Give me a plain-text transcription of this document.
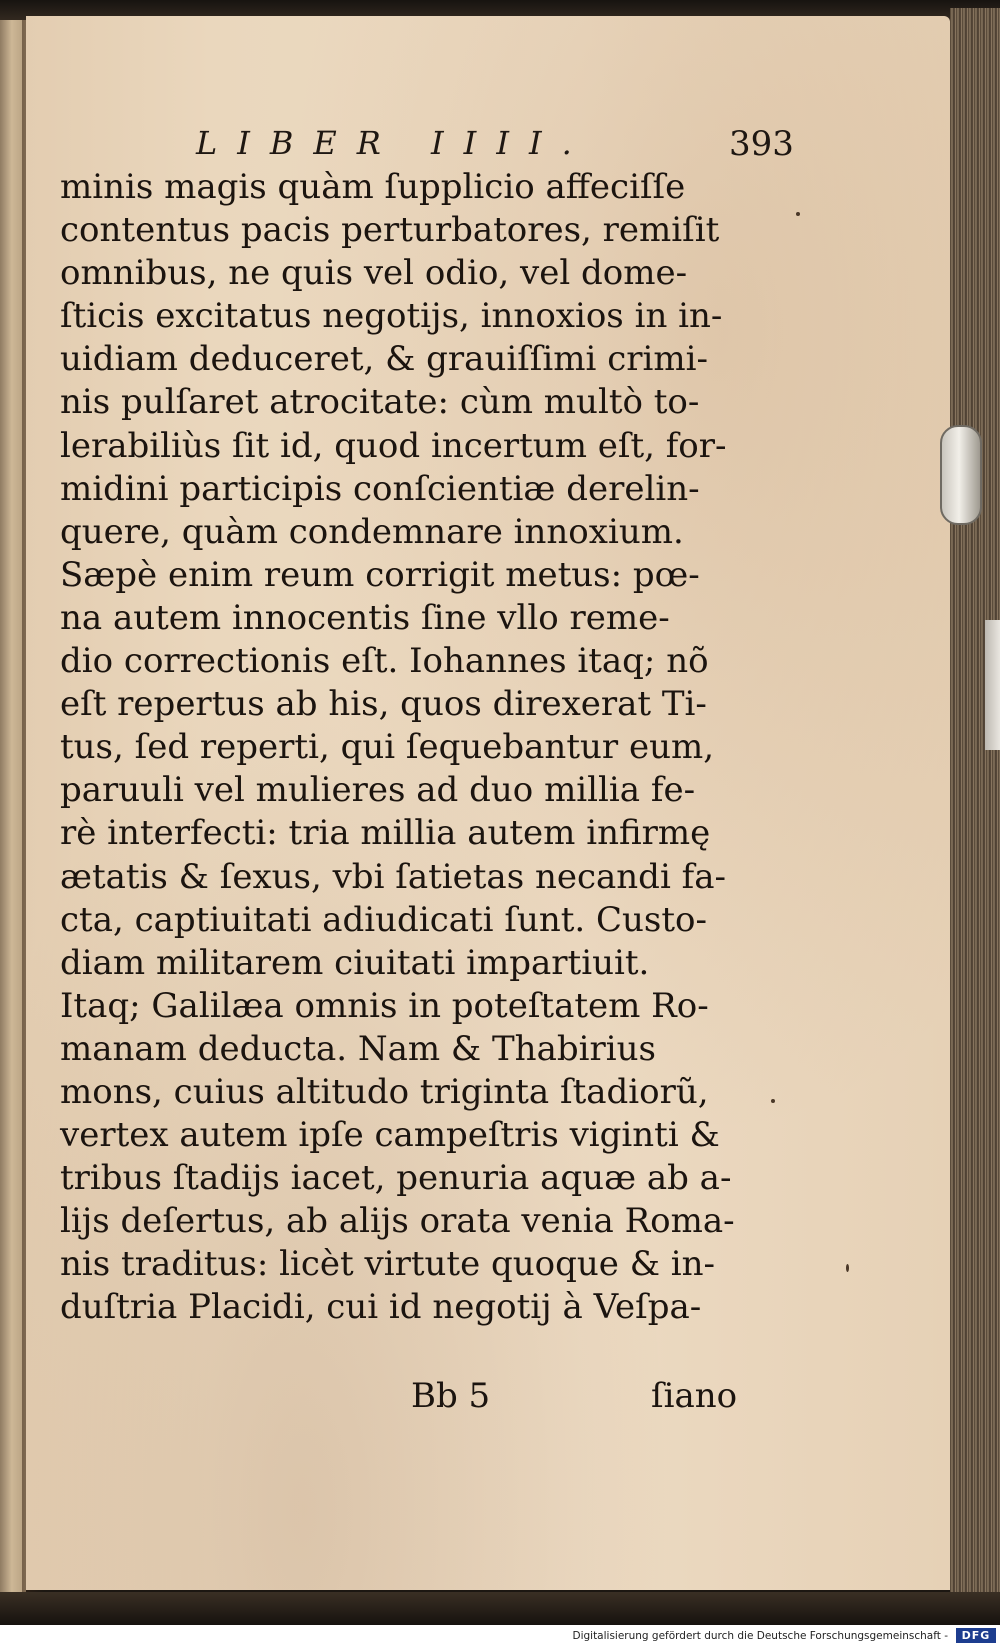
LIBER IIII.	393
minis magis quàm ſupplicio affeciſſe
contentus pacis perturbatores, remiſit
omnibus, ne quis vel odio, vel dome-
ſticis excitatus negotijs, innoxios in in-
uidiam deduceret, & grauiſſimi crimi-
nis pulſaret atrocitate: cùm multò to-
lerabiliùs ſit id, quod incertum eſt, for-
midini participis conſcientiæ derelin-
quere, quàm condemnare innoxium.
Sæpè enim reum corrigit metus: pœ-
na autem innocentis ſine vllo reme-
dio correctionis eſt. Iohannes itaq; nõ
eſt repertus ab his, quos direxerat Ti-
tus, ſed reperti, qui ſequebantur eum,
paruuli vel mulieres ad duo millia fe-
rè interfecti: tria millia autem infirmę
ætatis & ſexus, vbi ſatietas necandi fa-
cta, captiuitati adiudicati ſunt. Custo-
diam militarem ciuitati impartiuit.
Itaq; Galilæa omnis in poteſtatem Ro-
manam deducta. Nam & Thabirius
mons, cuius altitudo triginta ſtadiorũ,
vertex autem ipſe campeſtris viginti &
tribus ſtadijs iacet, penuria aquæ ab a-
lijs deſertus, ab alijs orata venia Roma-
nis traditus: licèt virtute quoque & in-
duſtria Placidi, cui id negotij à Veſpa-
Bb 5	ſiano
Digitalisierung gefördert durch die Deutsche Forschungsgemeinschaft -	DFG
